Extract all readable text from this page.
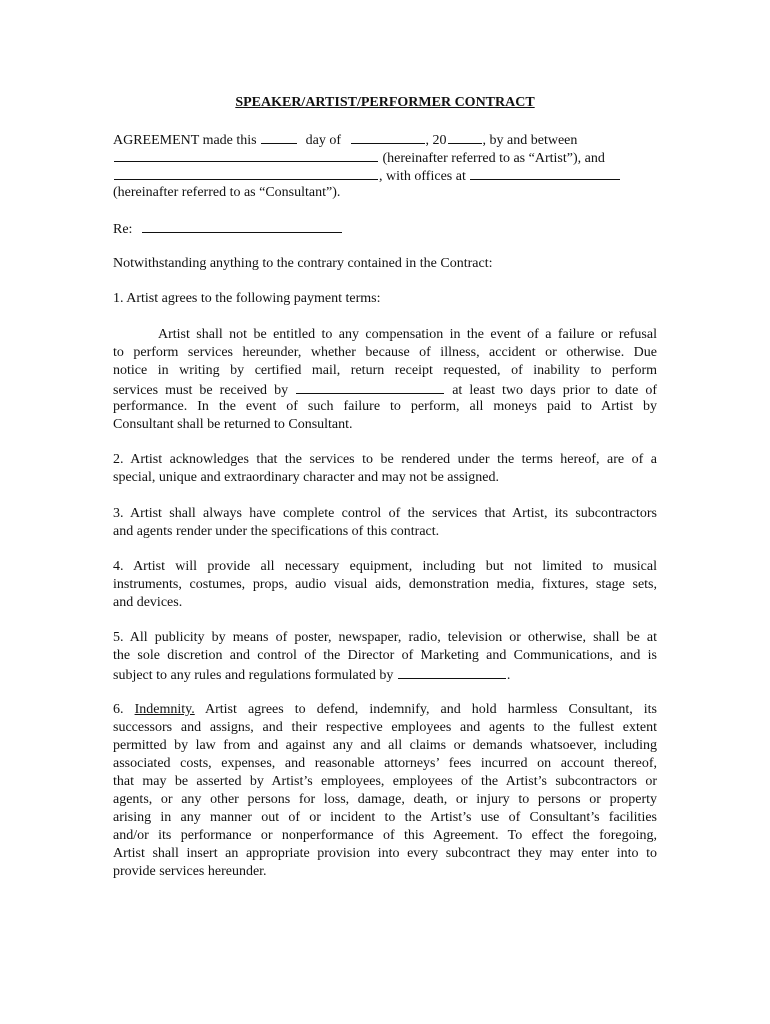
SPEAKER/ARTIST/PERFORMER CONTRACT
AGREEMENT made this	day of	, 20	, by and between
(hereinafter referred to as “Artist”), and
, with offices at
(hereinafter referred to as “Consultant”).
Re:
Notwithstanding anything to the contrary contained in the Contract:
1. Artist agrees to the following payment terms:
Artist shall not be entitled to any compensation in the event of a failure or refusal
to perform services hereunder, whether because of illness, accident or otherwise. Due
notice in writing by certified mail, return receipt requested, of inability to perform
services must be received by	at least two days prior to date of
performance. In the event of such failure to perform, all moneys paid to Artist by
Consultant shall be returned to Consultant.
2. Artist acknowledges that the services to be rendered under the terms hereof, are of a
special, unique and extraordinary character and may not be assigned.
3. Artist shall always have complete control of the services that Artist, its subcontractors
and agents render under the specifications of this contract.
4. Artist will provide all necessary equipment, including but not limited to musical
instruments, costumes, props, audio visual aids, demonstration media, fixtures, stage sets,
and devices.
5. All publicity by means of poster, newspaper, radio, television or otherwise, shall be at
the sole discretion and control of the Director of Marketing and Communications, and is
subject to any rules and regulations formulated by	.
6. Indemnity. Artist agrees to defend, indemnify, and hold harmless Consultant, its
successors and assigns, and their respective employees and agents to the fullest extent
permitted by law from and against any and all claims or demands whatsoever, including
associated costs, expenses, and reasonable attorneys’ fees incurred on account thereof,
that may be asserted by Artist’s employees, employees of the Artist’s subcontractors or
agents, or any other persons for loss, damage, death, or injury to persons or property
arising in any manner out of or incident to the Artist’s use of Consultant’s facilities
and/or its performance or nonperformance of this Agreement. To effect the foregoing,
Artist shall insert an appropriate provision into every subcontract they may enter into to
provide services hereunder.
